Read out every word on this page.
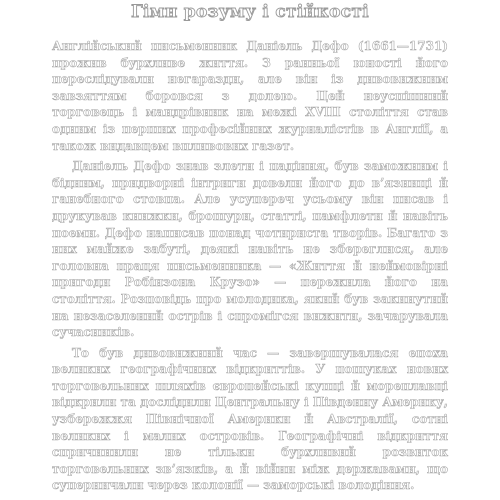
Гімн розуму і стійкості

Англійський письменник Даніель Дефо (1661—1731) прожив бурхливе життя. З ранньої юності його переслідували негаразди, але він із дивовижним завзяттям боровся з долею. Цей неуспішний торговець і мандрівник на межі XVIII століття став одним із перших професійних журналістів в Англії, а також видавцем впливових газет.

Даніель Дефо знав злети і падіння, був заможним і бідним, придворні інтриги довели його до в’язниці й ганебного стовпа. Але усупереч усьому він писав і друкував книжки, брошури, статті, памфлети й навіть поеми. Дефо написав понад чотириста творів. Багато з них майже забуті, деякі навіть не збереглися, але головна праця письменника — «Життя й неймовірні пригоди Робінзона Крузо» — пережила його на століття. Розповідь про молодика, який був закинутий на незаселений острів і спромігся вижити, зачарувала сучасників.

То був дивовижний час — завершувалася епоха великих географічних відкриттів. У пошуках нових торговельних шляхів європейські купці й мореплавці відкрили та дослідили Центральну і Південну Америку, узбережжя Північної Америки й Австралії, сотні великих і малих островів. Географічні відкриття спричинили не тільки бурхливий розвиток торговельних зв’язків, а й війни між державами, що суперничали через колонії — заморські володіння.
